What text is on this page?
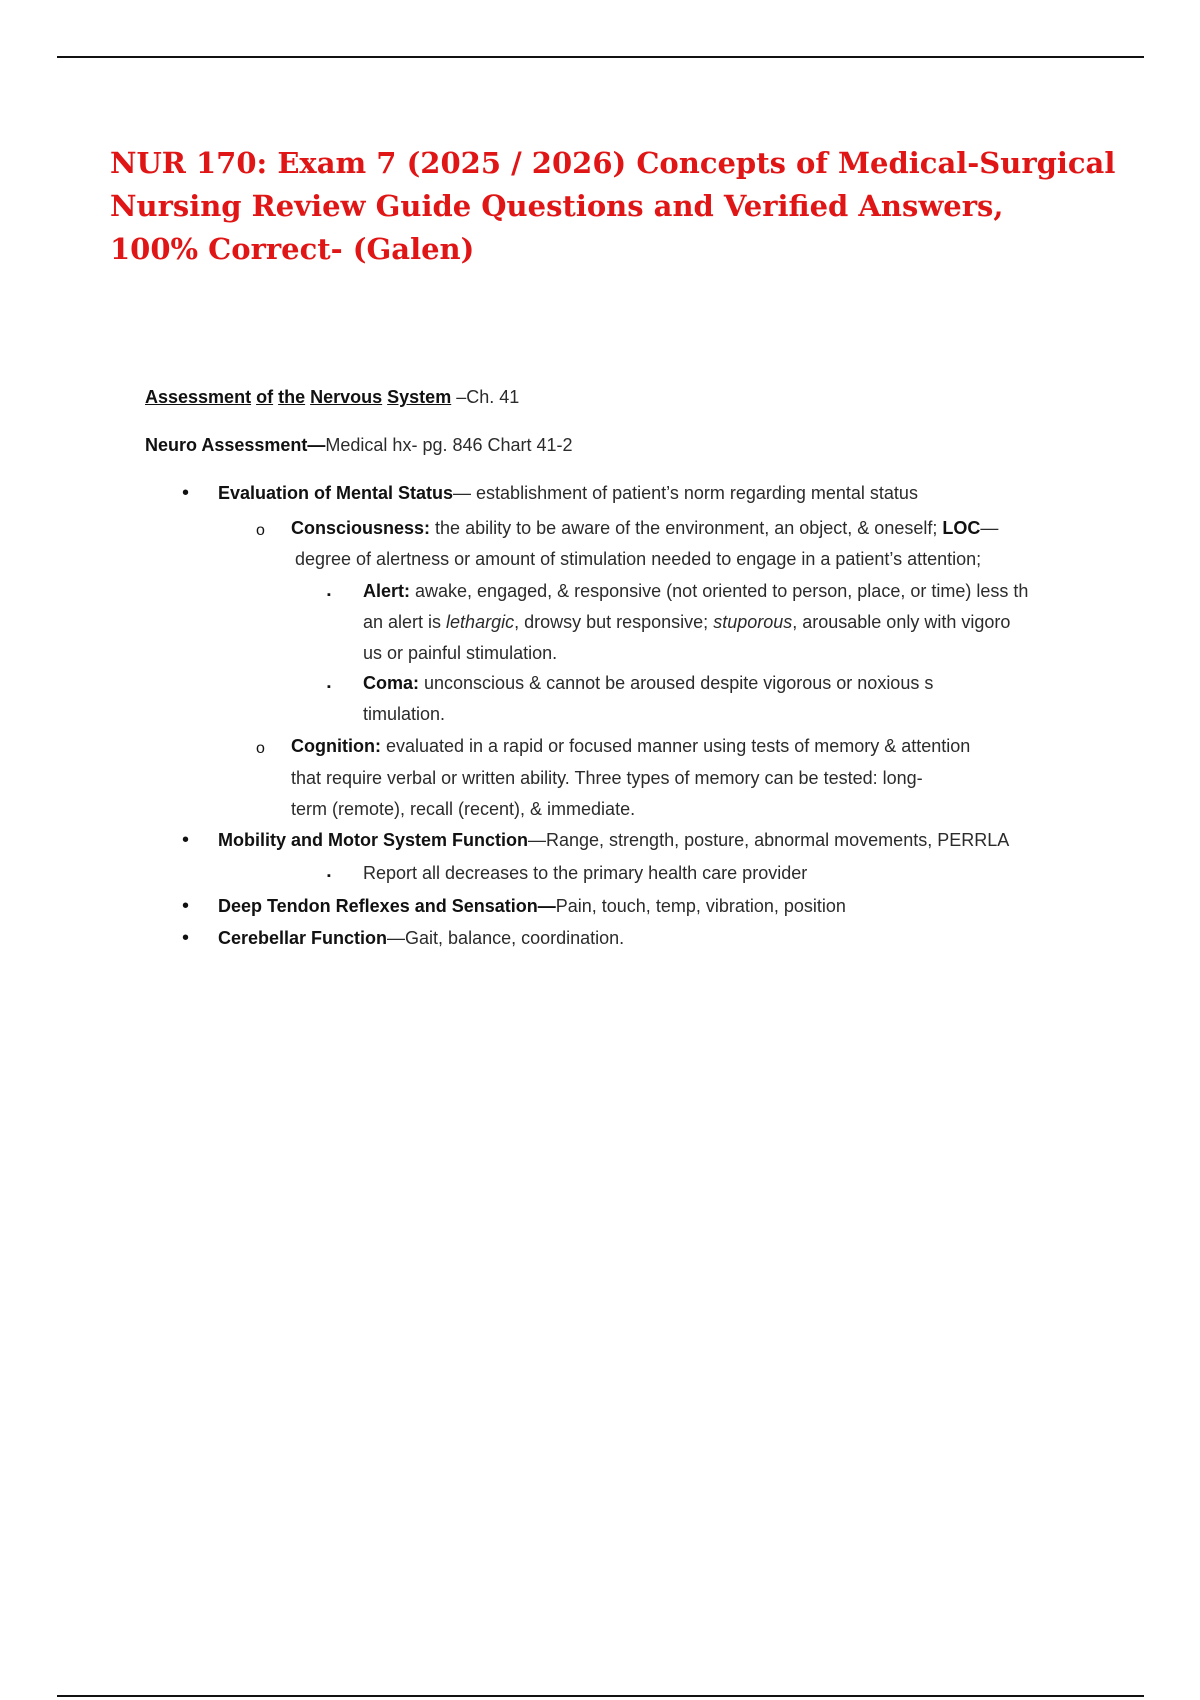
NUR 170: Exam 7 (2025 / 2026) Concepts of Medical-Surgical
Nursing Review Guide Questions and Verified Answers,
100% Correct- (Galen)
Assessment of the Nervous System –Ch. 41
Neuro Assessment—Medical hx- pg. 846 Chart 41-2
•
Evaluation of Mental Status— establishment of patient’s norm regarding mental status
o
Consciousness: the ability to be aware of the environment, an object, & oneself; LOC—
degree of alertness or amount of stimulation needed to engage in a patient’s attention;
▪
Alert: awake, engaged, & responsive (not oriented to person, place, or time) less th
an alert is lethargic, drowsy but responsive; stuporous, arousable only with vigoro
us or painful stimulation.
▪
Coma: unconscious & cannot be aroused despite vigorous or noxious s
timulation.
o
Cognition: evaluated in a rapid or focused manner using tests of memory & attention
that require verbal or written ability. Three types of memory can be tested: long-
term (remote), recall (recent), & immediate.
•
Mobility and Motor System Function—Range, strength, posture, abnormal movements, PERRLA
▪
Report all decreases to the primary health care provider
•
Deep Tendon Reflexes and Sensation—Pain, touch, temp, vibration, position
•
Cerebellar Function—Gait, balance, coordination.
